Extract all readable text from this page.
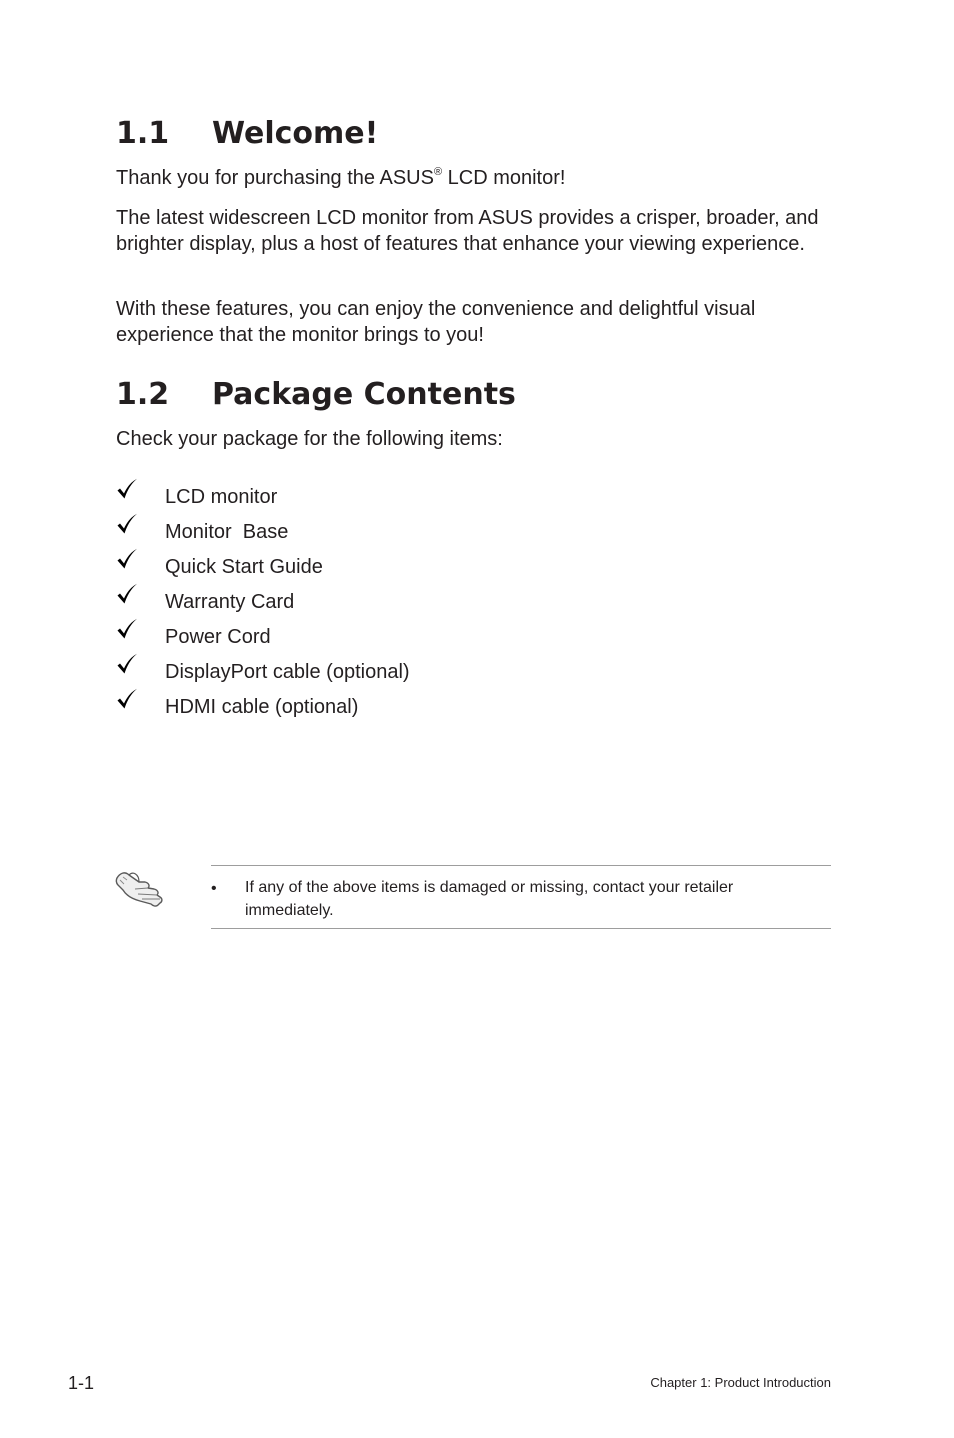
1.1 Welcome!

Thank you for purchasing the ASUS® LCD monitor!

The latest widescreen LCD monitor from ASUS provides a crisper, broader, and brighter display, plus a host of features that enhance your viewing experience.

With these features, you can enjoy the convenience and delightful visual experience that the monitor brings to you!

1.2 Package Contents

Check your package for the following items:

LCD monitor
Monitor  Base
Quick Start Guide
Warranty Card
Power Cord
DisplayPort cable (optional)
HDMI cable (optional)
• If any of the above items is damaged or missing, contact your retailer immediately.
1-1	Chapter 1: Product Introduction
